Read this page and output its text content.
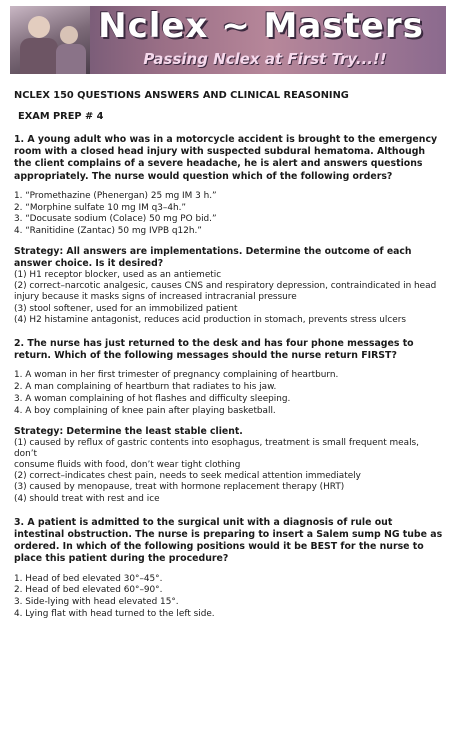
Nclex ~ Masters
Passing Nclex at First Try...!!
NCLEX 150 QUESTIONS ANSWERS AND CLINICAL REASONING
EXAM PREP # 4

1. A young adult who was in a motorcycle accident is brought to the emergency room with a closed head injury with suspected subdural hematoma. Although the client complains of a severe headache, he is alert and answers questions appropriately. The nurse would question which of the following orders?

1. “Promethazine (Phenergan) 25 mg IM 3 h.”
2. “Morphine sulfate 10 mg IM q3–4h.”
3. “Docusate sodium (Colace) 50 mg PO bid.”
4. “Ranitidine (Zantac) 50 mg IVPB q12h.”

Strategy: All answers are implementations. Determine the outcome of each answer choice. Is it desired?

(1) H1 receptor blocker, used as an antiemetic
(2) correct–narcotic analgesic, causes CNS and respiratory depression, contraindicated in head
injury because it masks signs of increased intracranial pressure
(3) stool softener, used for an immobilized patient
(4) H2 histamine antagonist, reduces acid production in stomach, prevents stress ulcers

2. The nurse has just returned to the desk and has four phone messages to return. Which of the following messages should the nurse return FIRST?

1. A woman in her first trimester of pregnancy complaining of heartburn.
2. A man complaining of heartburn that radiates to his jaw.
3. A woman complaining of hot flashes and difficulty sleeping.
4. A boy complaining of knee pain after playing basketball.

Strategy: Determine the least stable client.

(1) caused by reflux of gastric contents into esophagus, treatment is small frequent meals, don’t
consume fluids with food, don’t wear tight clothing
(2) correct–indicates chest pain, needs to seek medical attention immediately
(3) caused by menopause, treat with hormone replacement therapy (HRT)
(4) should treat with rest and ice

3. A patient is admitted to the surgical unit with a diagnosis of rule out intestinal obstruction. The nurse is preparing to insert a Salem sump NG tube as ordered. In which of the following positions would it be BEST for the nurse to place this patient during the procedure?

1. Head of bed elevated 30°–45°.
2. Head of bed elevated 60°–90°.
3. Side-lying with head elevated 15°.
4. Lying flat with head turned to the left side.
